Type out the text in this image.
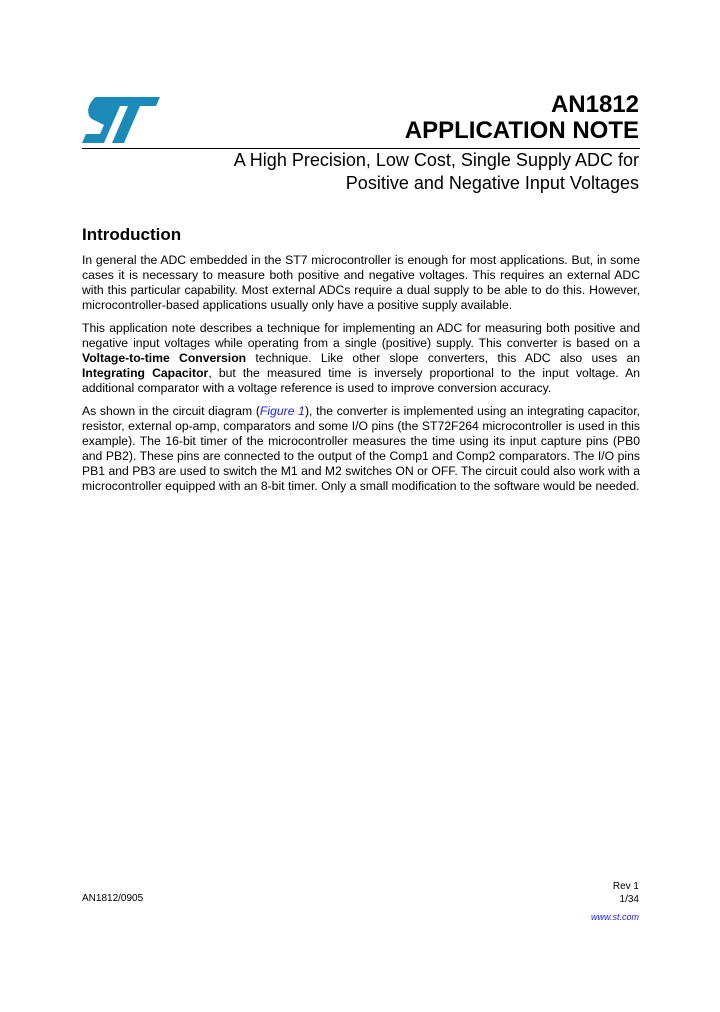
AN1812
APPLICATION NOTE
A High Precision, Low Cost, Single Supply ADC for
Positive and Negative Input Voltages
Introduction

In general the ADC embedded in the ST7 microcontroller is enough for most applications. But, in some cases it is necessary to measure both positive and negative voltages. This requires an external ADC with this particular capability. Most external ADCs require a dual supply to be able to do this. However, microcontroller-based applications usually only have a positive supply available.

This application note describes a technique for implementing an ADC for measuring both positive and negative input voltages while operating from a single (positive) supply. This converter is based on a Voltage-to-time Conversion technique. Like other slope converters, this ADC also uses an Integrating Capacitor, but the measured time is inversely proportional to the input voltage. An additional comparator with a voltage reference is used to improve conversion accuracy.

As shown in the circuit diagram (Figure 1), the converter is implemented using an integrating capacitor, resistor, external op-amp, comparators and some I/O pins (the ST72F264 microcontroller is used in this example). The 16-bit timer of the microcontroller measures the time using its input capture pins (PB0 and PB2). These pins are connected to the output of the Comp1 and Comp2 comparators. The I/O pins PB1 and PB3 are used to switch the M1 and M2 switches ON or OFF. The circuit could also work with a microcontroller equipped with an 8-bit timer. Only a small modification to the software would be needed.

AN1812/0905
Rev 1
1/34
www.st.com
